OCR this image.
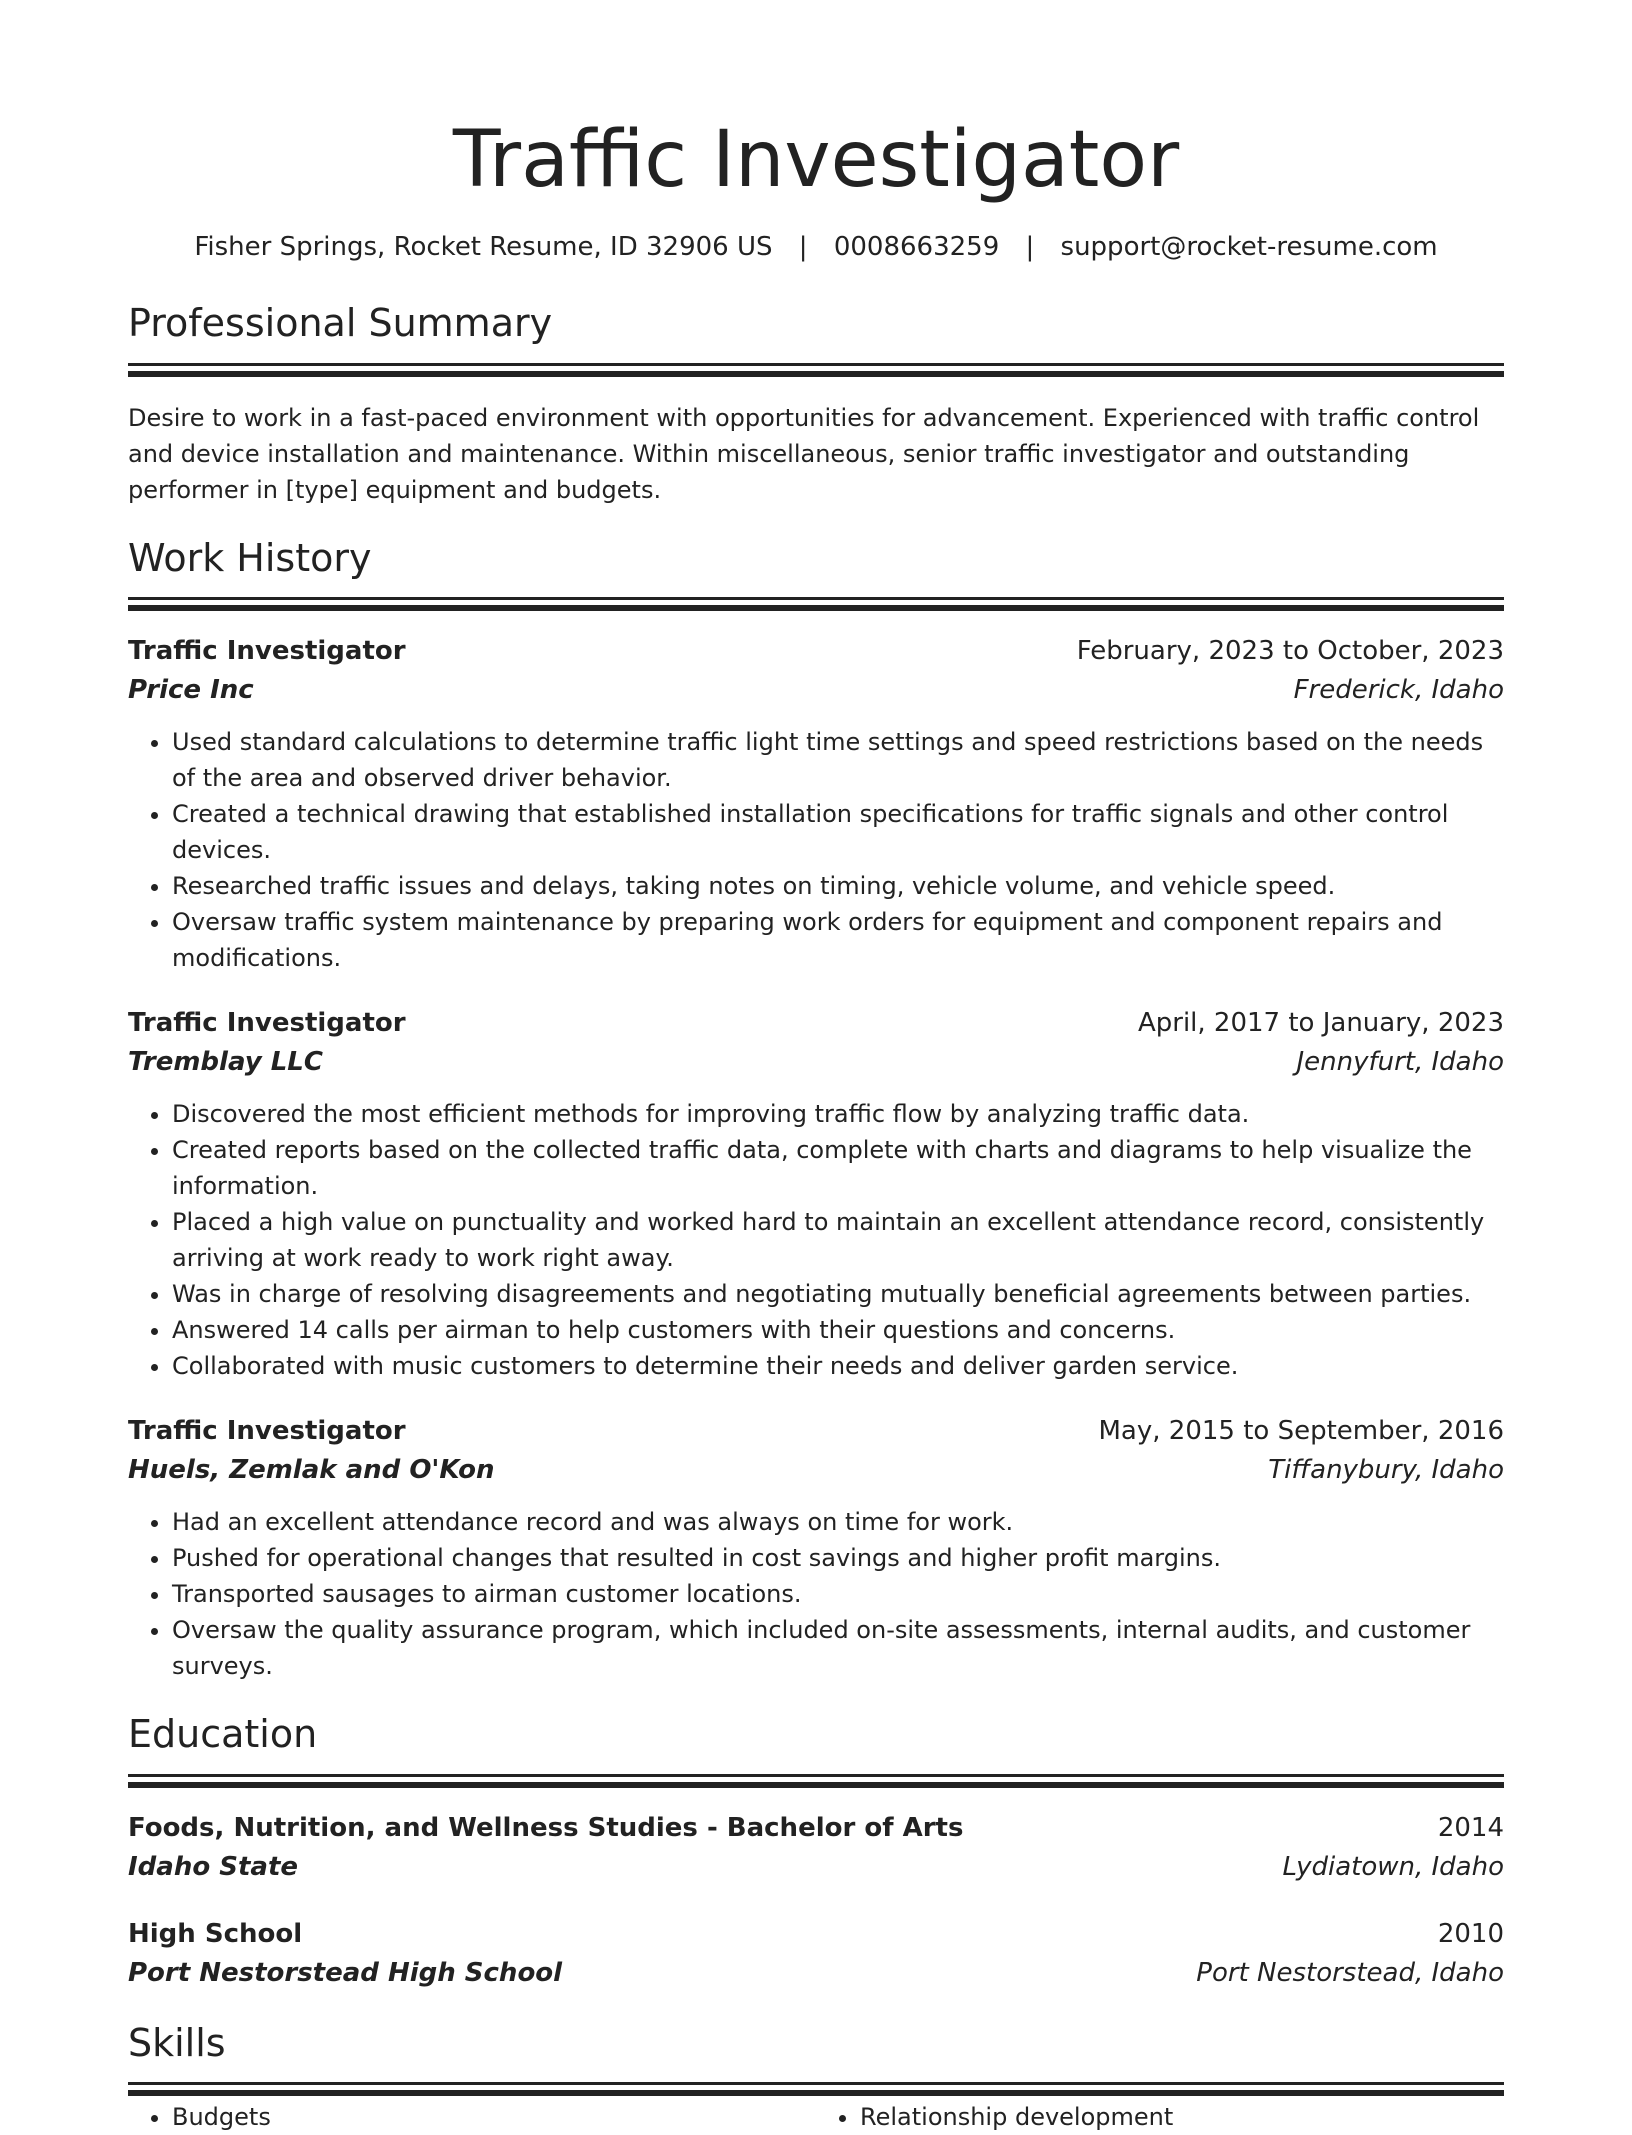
Traffic Investigator
Fisher Springs, Rocket Resume, ID 32906 US | 0008663259 | support@rocket-resume.com
Professional Summary
Desire to work in a fast-paced environment with opportunities for advancement. Experienced with traffic control and device installation and maintenance. Within miscellaneous, senior traffic investigator and outstanding performer in [type] equipment and budgets.
Work History
Traffic Investigator	February, 2023 to October, 2023
Price Inc	Frederick, Idaho
• Used standard calculations to determine traffic light time settings and speed restrictions based on the needs of the area and observed driver behavior.
• Created a technical drawing that established installation specifications for traffic signals and other control devices.
• Researched traffic issues and delays, taking notes on timing, vehicle volume, and vehicle speed.
• Oversaw traffic system maintenance by preparing work orders for equipment and component repairs and modifications.
Traffic Investigator	April, 2017 to January, 2023
Tremblay LLC	Jennyfurt, Idaho
• Discovered the most efficient methods for improving traffic flow by analyzing traffic data.
• Created reports based on the collected traffic data, complete with charts and diagrams to help visualize the information.
• Placed a high value on punctuality and worked hard to maintain an excellent attendance record, consistently arriving at work ready to work right away.
• Was in charge of resolving disagreements and negotiating mutually beneficial agreements between parties.
• Answered 14 calls per airman to help customers with their questions and concerns.
• Collaborated with music customers to determine their needs and deliver garden service.
Traffic Investigator	May, 2015 to September, 2016
Huels, Zemlak and O'Kon	Tiffanybury, Idaho
• Had an excellent attendance record and was always on time for work.
• Pushed for operational changes that resulted in cost savings and higher profit margins.
• Transported sausages to airman customer locations.
• Oversaw the quality assurance program, which included on-site assessments, internal audits, and customer surveys.
Education
Foods, Nutrition, and Wellness Studies - Bachelor of Arts	2014
Idaho State	Lydiatown, Idaho
High School	2010
Port Nestorstead High School	Port Nestorstead, Idaho
Skills
• Budgets
•	Relationship development
